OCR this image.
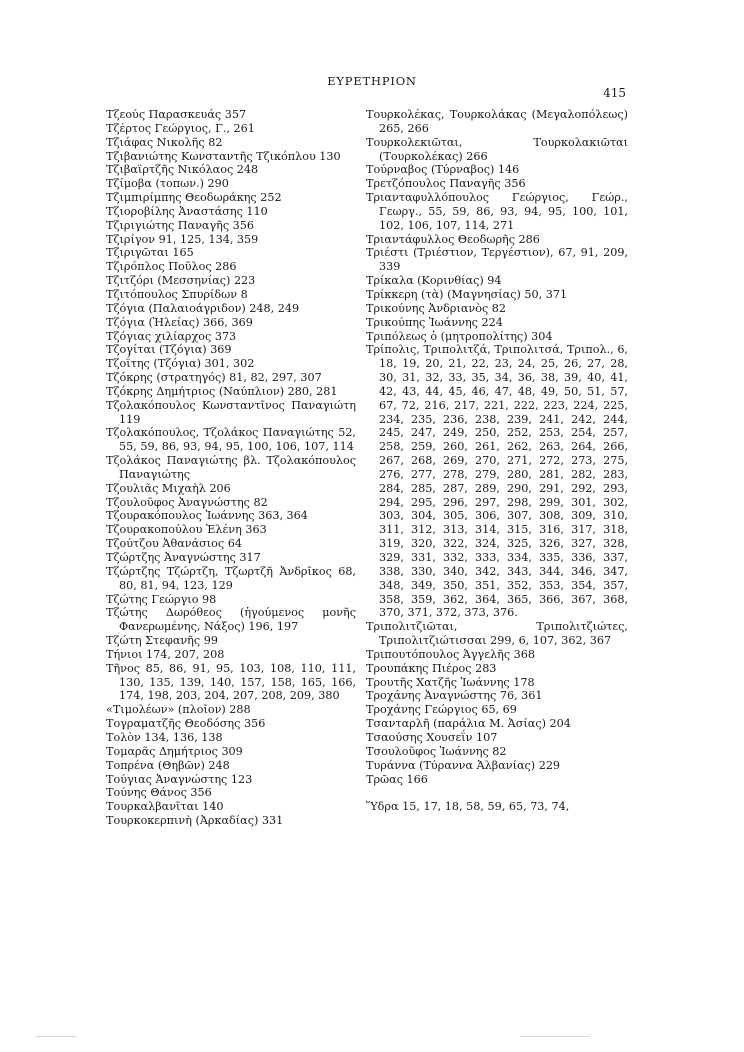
ΕΥΡΕΤΗΡΙΟΝ
415
Τζεούς Παρασκευάς 357
Τζέρτος Γεώργιος, Γ., 261
Τζιάφας Νικολῆς 82
Τζιβανιώτης Κωνσταντῆς Τζικόπλου 130
Τζιβαϊρτζῆς Νικόλαος 248
Τζίμοβα (τοπων.) 290
Τζιμπιρίμπης Θεοδωράκης 252
Τζιοροβίλης Ἀναστάσης 110
Τζιριγιώτης Παναγῆς 356
Τζιρίγον 91, 125, 134, 359
Τζιριγῶται 165
Τζιρόπλος Ποῦλος 286
Τζιτζόρι (Μεσσηνίας) 223
Τζιτόπουλος Σπυρίδων 8
Τζόγια (Παλαιοάγριδον) 248, 249
Τζόγια (Ἠλείας) 366, 369
Τζόγιας χιλίαρχος 373
Τζογίται (Τζόγια) 369
Τζοΐτης (Τζόγια) 301, 302
Τζόκρης (στρατηγός) 81, 82, 297, 307
Τζόκρης Δημήτριος (Ναύπλιον) 280, 281
Τζολακόπουλος Κωνσταντῖνος Παναγιώτη 119
Τζολακόπουλος, Τζολάκος Παναγιώτης 52, 55, 59, 86, 93, 94, 95, 100, 106, 107, 114
Τζολάκος Παναγιώτης βλ. Τζολακόπουλος Παναγιώτης
Τζουλιᾶς Μιχαὴλ 206
Τζουλοῦφος Ἀναγνώστης 82
Τζουρακόπουλος Ἰωάννης 363, 364
Τζουρακοπούλου Ἑλένη 363
Τζούτζου Ἀθανάσιος 64
Τζώρτζης Ἀναγνώστης 317
Τζώρτζης Τζώρτζη, Τζωρτζῆ Ἀνδρῖκος 68, 80, 81, 94, 123, 129
Τζώτης Γεώργιο 98
Τζώτης Δωρόθεος (ἡγούμενος μονῆς Φανερωμένης, Νάξος) 196, 197
Τζώτη Στεφανῆς 99
Τήνιοι 174, 207, 208
Τῆνος 85, 86, 91, 95, 103, 108, 110, 111, 130, 135, 139, 140, 157, 158, 165, 166, 174, 198, 203, 204, 207, 208, 209, 380
«Τιμολέων» (πλοῖον) 288
Τογραματζῆς Θεοδόσης 356
Τολὸν 134, 136, 138
Τομαρᾶς Δημήτριος 309
Τοπρένα (Θηβῶν) 248
Τούγιας Ἀναγνώστης 123
Τούνης Θάνος 356
Τουρκαλβανῖται 140
Τουρκοκερπινὴ (Ἀρκαδίας) 331
Τουρκολέκας, Τουρκολάκας (Μεγαλοπόλεως) 265, 266
Τουρκολεκιῶται, Τουρκολακιῶται (Τουρκολέκας) 266
Τούρναβος (Τύρναβος) 146
Τρετζόπουλος Παναγῆς 356
Τριανταφυλλόπουλος Γεώργιος, Γεώρ., Γεωργ., 55, 59, 86, 93, 94, 95, 100, 101, 102, 106, 107, 114, 271
Τριαντάφυλλος Θεοδωρῆς 286
Τριέστι (Τριέστιον, Τεργέστιον), 67, 91, 209, 339
Τρίκαλα (Κορινθίας) 94
Τρίκκερη (τὰ) (Μαγνησίας) 50, 371
Τρικούνης Ἀνδριανὸς 82
Τρικούπης Ἰωάννης 224
Τριπόλεως ὁ (μητροπολίτης) 304
Τρίπολις, Τριπολιτζά, Τριπολιτσά, Τριπολ., 6, 18, 19, 20, 21, 22, 23, 24, 25, 26, 27, 28, 30, 31, 32, 33, 35, 34, 36, 38, 39, 40, 41, 42, 43, 44, 45, 46, 47, 48, 49, 50, 51, 57, 67, 72, 216, 217, 221, 222, 223, 224, 225, 234, 235, 236, 238, 239, 241, 242, 244, 245, 247, 249, 250, 252, 253, 254, 257, 258, 259, 260, 261, 262, 263, 264, 266, 267, 268, 269, 270, 271, 272, 273, 275, 276, 277, 278, 279, 280, 281, 282, 283, 284, 285, 287, 289, 290, 291, 292, 293, 294, 295, 296, 297, 298, 299, 301, 302, 303, 304, 305, 306, 307, 308, 309, 310, 311, 312, 313, 314, 315, 316, 317, 318, 319, 320, 322, 324, 325, 326, 327, 328, 329, 331, 332, 333, 334, 335, 336, 337, 338, 330, 340, 342, 343, 344, 346, 347, 348, 349, 350, 351, 352, 353, 354, 357, 358, 359, 362, 364, 365, 366, 367, 368, 370, 371, 372, 373, 376.
Τριπολιτζιῶται, Τριπολιτζιώτες, Τριπολιτζιώτισσαι 299, 6, 107, 362, 367
Τριπουτόπουλος Ἀγγελῆς 368
Τρουπάκης Πιέρος 283
Τρουτῆς Χατζῆς Ἰωάννης 178
Τροχάνης Ἀναγνώστης 76, 361
Τροχάνης Γεώργιος 65, 69
Τσανταρλῆ (παράλια Μ. Ἀσίας) 204
Τσαούσης Χουσεΐν 107
Τσουλοῦφος Ἰωάννης 82
Τυράννα (Τύραννα Ἀλβανίας) 229
Τρῶας 166
Ὕδρα 15, 17, 18, 58, 59, 65, 73, 74,
